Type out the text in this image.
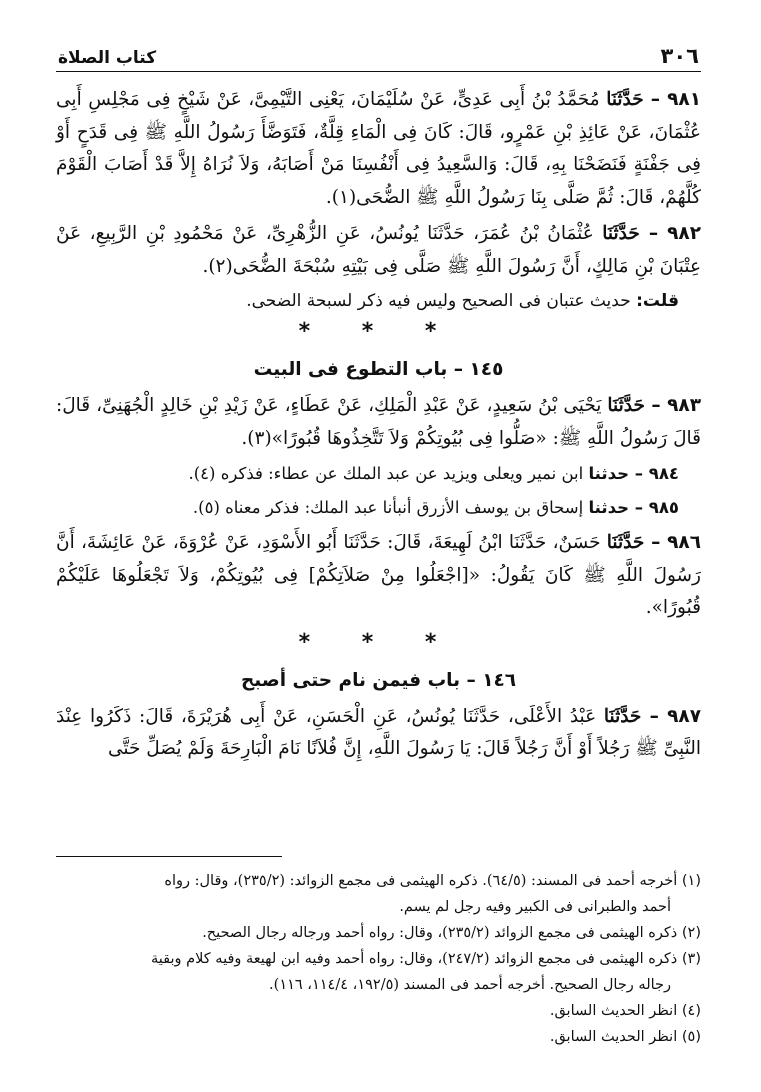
٣٠٦
كتاب الصلاة

٩٨١ – حَدَّثَنَا مُحَمَّدُ بْنُ أَبِى عَدِىٍّ، عَنْ سُلَيْمَانَ، يَعْنِى التَّيْمِىَّ، عَنْ شَيْخٍ فِى مَجْلِسِ أَبِى عُثْمَانَ، عَنْ عَائِذِ بْنِ عَمْرٍو، قَالَ: كَانَ فِى الْمَاءِ قِلَّةٌ، فَتَوَضَّأَ رَسُولُ اللَّهِ ﷺ فِى قَدَحٍ أَوْ فِى جَفْنَةٍ فَنَضَحْنَا بِهِ، قَالَ: وَالسَّعِيدُ فِى أَنْفُسِنَا مَنْ أَصَابَهُ، وَلاَ نُرَاهُ إِلاَّ قَدْ أَصَابَ الْقَوْمَ كُلَّهُمْ، قَالَ: ثُمَّ صَلَّى بِنَا رَسُولُ اللَّهِ ﷺ الضُّحَى(١).

٩٨٢ – حَدَّثَنَا عُثْمَانُ بْنُ عُمَرَ، حَدَّثَنَا يُونُسُ، عَنِ الزُّهْرِىِّ، عَنْ مَحْمُودِ بْنِ الرَّبِيعِ، عَنْ عِتْبَانَ بْنِ مَالِكٍ، أَنَّ رَسُولَ اللَّهِ ﷺ صَلَّى فِى بَيْتِهِ سُبْحَةَ الضُّحَى(٢).

قلت: حديث عتبان فى الصحيح وليس فيه ذكر لسبحة الضحى.

* * *
١٤٥ – باب التطوع فى البيت

٩٨٣ – حَدَّثَنَا يَحْيَى بْنُ سَعِيدٍ، عَنْ عَبْدِ الْمَلِكِ، عَنْ عَطَاءٍ، عَنْ زَيْدِ بْنِ خَالِدٍ الْجُهَنِىِّ، قَالَ: قَالَ رَسُولُ اللَّهِ ﷺ: «صَلُّوا فِى بُيُوتِكُمْ وَلاَ تَتَّخِذُوهَا قُبُورًا»(٣).

٩٨٤ – حدثنا ابن نمير ويعلى ويزيد عن عبد الملك عن عطاء: فذكره (٤).

٩٨٥ – حدثنا إسحاق بن يوسف الأزرق أنبأنا عبد الملك: فذكر معناه (٥).

٩٨٦ – حَدَّثَنَا حَسَنٌ، حَدَّثَنَا ابْنُ لَهِيعَةَ، قَالَ: حَدَّثَنَا أَبُو الأَسْوَدِ، عَنْ عُرْوَةَ، عَنْ عَائِشَةَ، أَنَّ رَسُولَ اللَّهِ ﷺ كَانَ يَقُولُ: «[اجْعَلُوا مِنْ صَلاَتِكُمْ] فِى بُيُوتِكُمْ، وَلاَ تَجْعَلُوهَا عَلَيْكُمْ قُبُورًا».

* * *
١٤٦ – باب فيمن نام حتى أصبح

٩٨٧ – حَدَّثَنَا عَبْدُ الأَعْلَى، حَدَّثَنَا يُونُسُ، عَنِ الْحَسَنِ، عَنْ أَبِى هُرَيْرَةَ، قَالَ: ذَكَرُوا عِنْدَ النَّبِىِّ ﷺ رَجُلاً أَوْ أَنَّ رَجُلاً قَالَ: يَا رَسُولَ اللَّهِ، إِنَّ فُلاَنًا نَامَ الْبَارِحَةَ وَلَمْ يُصَلِّ حَتَّى

(١) أخرجه أحمد فى المسند: (٦٤/٥). ذكره الهيثمى فى مجمع الزوائد: (٢٣٥/٢)، وقال: رواه

أحمد والطبرانى فى الكبير وفيه رجل لم يسم.

(٢) ذكره الهيثمى فى مجمع الزوائد (٢٣٥/٢)، وقال: رواه أحمد ورجاله رجال الصحيح.

(٣) ذكره الهيثمى فى مجمع الزوائد (٢٤٧/٢)، وقال: رواه أحمد وفيه ابن لهيعة وفيه كلام وبقية

رجاله رجال الصحيح. أخرجه أحمد فى المسند (١٩٢/٥، ١١٤/٤، ١١٦).

(٤) انظر الحديث السابق.

(٥) انظر الحديث السابق.
